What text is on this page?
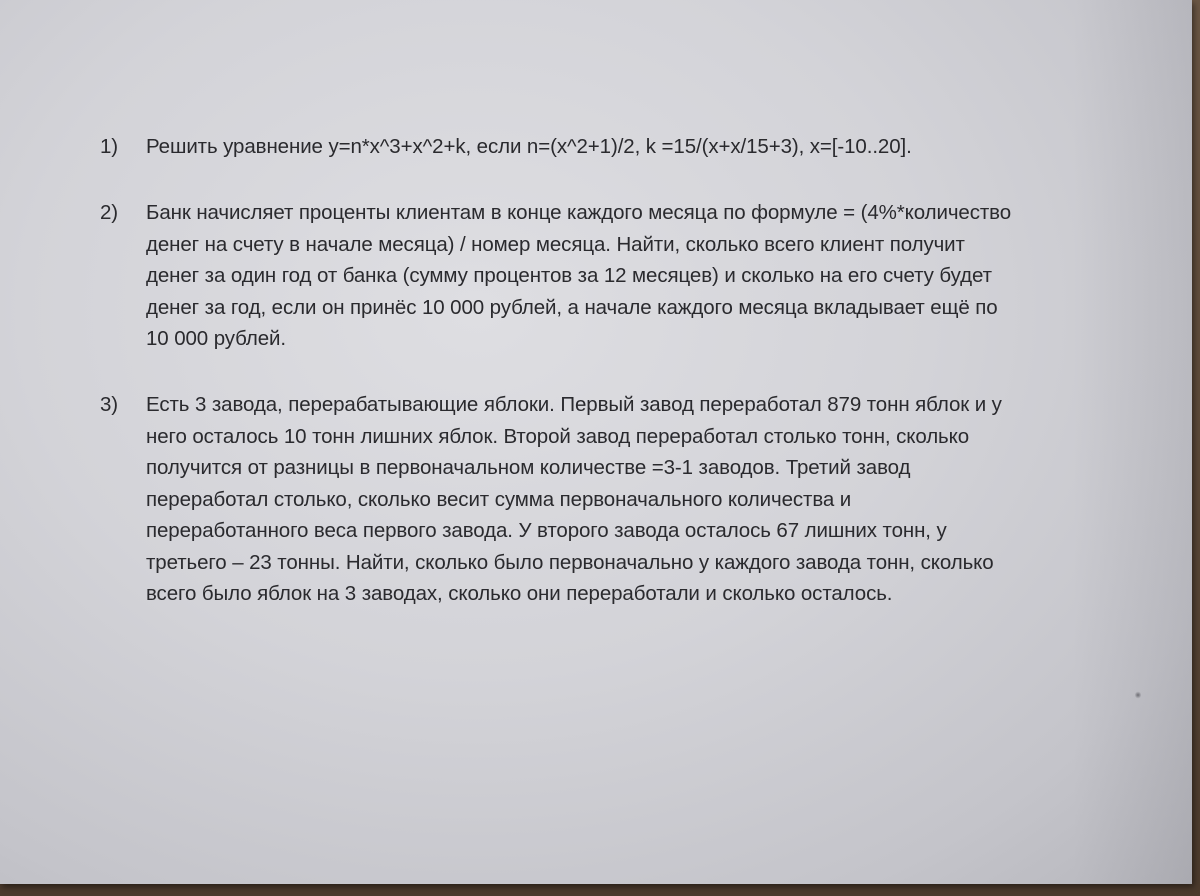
1) Решить уравнение y=n*x^3+x^2+k, если n=(x^2+1)/2, k =15/(x+x/15+3), x=[-10..20].
2) Банк начисляет проценты клиентам в конце каждого месяца по формуле = (4%*количество
денег на счету в начале месяца) / номер месяца. Найти, сколько всего клиент получит
денег за один год от банка (сумму процентов за 12 месяцев) и сколько на его счету будет
денег за год, если он принёс 10 000 рублей, а начале каждого месяца вкладывает ещё по
10 000 рублей.
3) Есть 3 завода, перерабатывающие яблоки. Первый завод переработал 879 тонн яблок и у
него осталось 10 тонн лишних яблок. Второй завод переработал столько тонн, сколько
получится от разницы в первоначальном количестве =3-1 заводов. Третий завод
переработал столько, сколько весит сумма первоначального количества и
переработанного веса первого завода. У второго завода осталось 67 лишних тонн, у
третьего – 23 тонны. Найти, сколько было первоначально у каждого завода тонн, сколько
всего было яблок на 3 заводах, сколько они переработали и сколько осталось.
